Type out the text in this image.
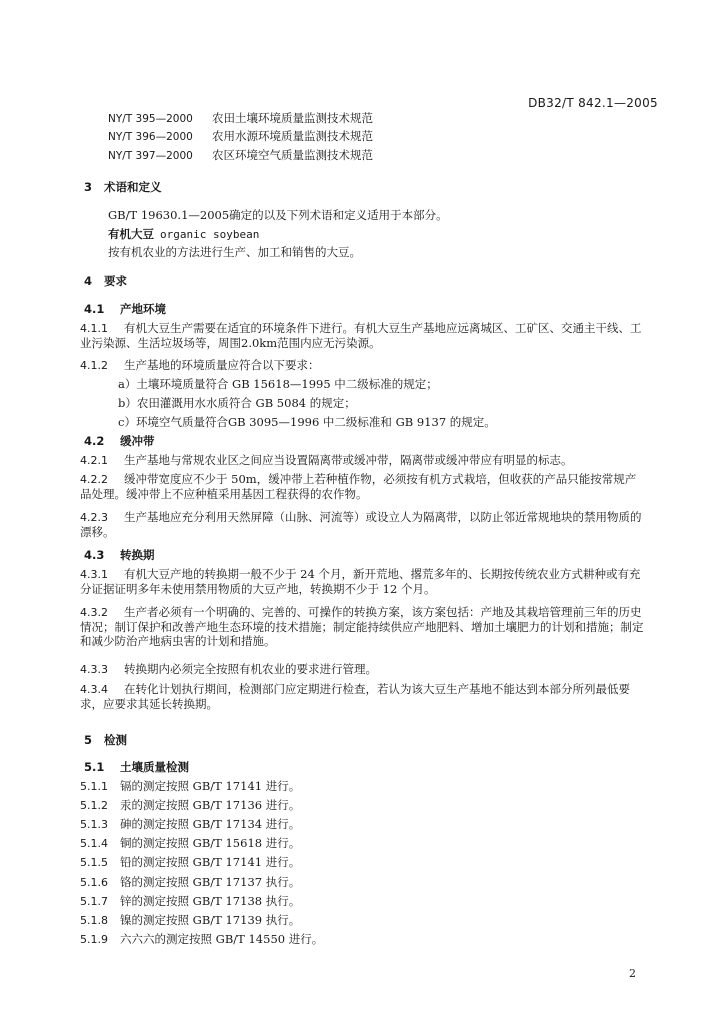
DB32/T 842.1—2005
NY/T 395—2000 农田土壤环境质量监测技术规范
NY/T 396—2000 农用水源环境质量监测技术规范
NY/T 397—2000 农区环境空气质量监测技术规范
3 术语和定义
GB/T 19630.1—2005确定的以及下列术语和定义适用于本部分。
有机大豆 organic soybean
按有机农业的方法进行生产、加工和销售的大豆。
4 要求
4.1 产地环境
4.1.1 有机大豆生产需要在适宜的环境条件下进行。有机大豆生产基地应远离城区、工矿区、交通主干线、工业污染源、生活垃圾场等，周围2.0km范围内应无污染源。
4.1.2 生产基地的环境质量应符合以下要求：
a）土壤环境质量符合 GB 15618—1995 中二级标准的规定；
b）农田灌溉用水水质符合 GB 5084 的规定；
c）环境空气质量符合GB 3095—1996 中二级标准和 GB 9137 的规定。
4.2 缓冲带
4.2.1 生产基地与常规农业区之间应当设置隔离带或缓冲带，隔离带或缓冲带应有明显的标志。
4.2.2 缓冲带宽度应不少于 50m，缓冲带上若种植作物，必须按有机方式栽培，但收获的产品只能按常规产品处理。缓冲带上不应种植采用基因工程获得的农作物。
4.2.3 生产基地应充分利用天然屏障（山脉、河流等）或设立人为隔离带，以防止邻近常规地块的禁用物质的漂移。
4.3 转换期
4.3.1 有机大豆产地的转换期一般不少于 24 个月，新开荒地、撂荒多年的、长期按传统农业方式耕种或有充分证据证明多年未使用禁用物质的大豆产地，转换期不少于 12 个月。
4.3.2 生产者必须有一个明确的、完善的、可操作的转换方案，该方案包括：产地及其栽培管理前三年的历史情况；制订保护和改善产地生态环境的技术措施；制定能持续供应产地肥料、增加土壤肥力的计划和措施；制定和减少防治产地病虫害的计划和措施。
4.3.3 转换期内必须完全按照有机农业的要求进行管理。
4.3.4 在转化计划执行期间，检测部门应定期进行检查，若认为该大豆生产基地不能达到本部分所列最低要求，应要求其延长转换期。
5 检测
5.1 土壤质量检测
5.1.1 镉的测定按照 GB/T 17141 进行。
5.1.2 汞的测定按照 GB/T 17136 进行。
5.1.3 砷的测定按照 GB/T 17134 进行。
5.1.4 铜的测定按照 GB/T 15618 进行。
5.1.5 铅的测定按照 GB/T 17141 进行。
5.1.6 铬的测定按照 GB/T 17137 执行。
5.1.7 锌的测定按照 GB/T 17138 执行。
5.1.8 镍的测定按照 GB/T 17139 执行。
5.1.9 六六六的测定按照 GB/T 14550 进行。
2
